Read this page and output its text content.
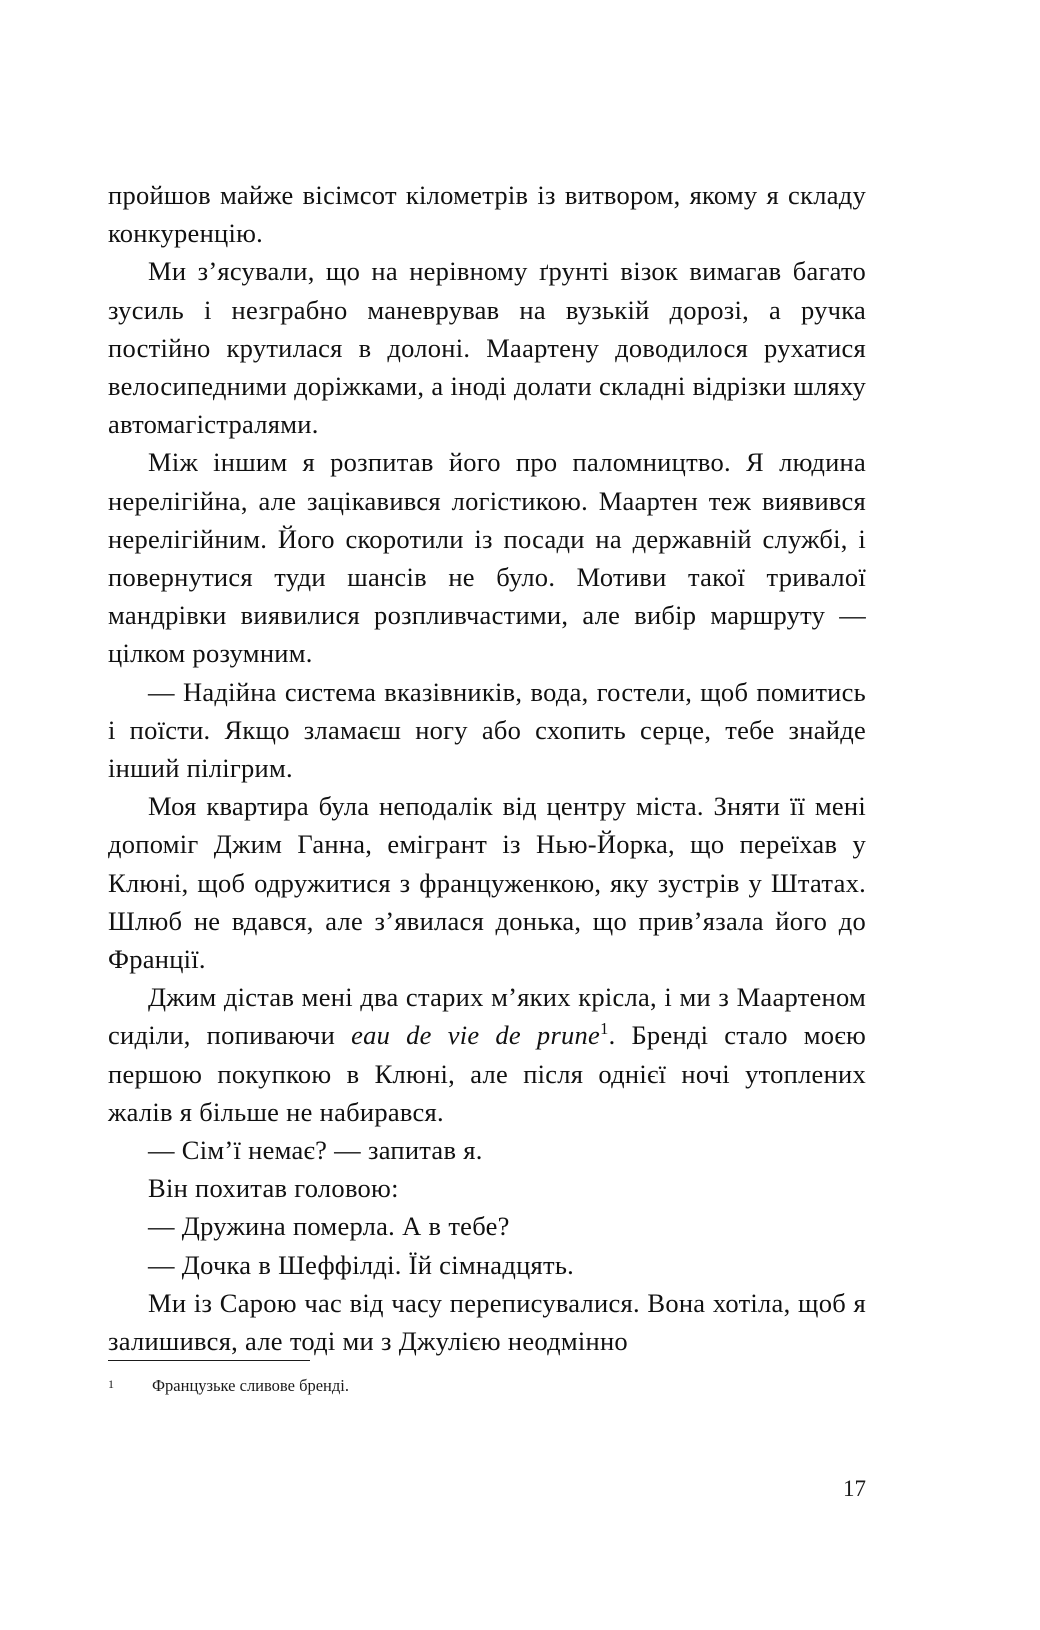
пройшов майже вісімсот кілометрів із витвором, якому я складу конкуренцію.

Ми з’ясували, що на нерівному ґрунті візок вимагав багато зусиль і незграбно маневрував на вузькій дорозі, а ручка постійно крутилася в долоні. Маартену доводилося рухатися велосипедними доріжками, а іноді долати складні відрізки шляху автомагістралями.

Між іншим я розпитав його про паломництво. Я людина нерелігійна, але зацікавився логістикою. Маартен теж виявився нерелігійним. Його скоротили із посади на державній службі, і повернутися туди шансів не було. Мотиви такої тривалої мандрівки виявилися розпливчастими, але вибір маршруту — цілком розумним.

— Надійна система вказівників, вода, гостели, щоб помитись і поїсти. Якщо зламаєш ногу або схопить серце, тебе знайде інший пілігрим.

Моя квартира була неподалік від центру міста. Зняти її мені допоміг Джим Ганна, емігрант із Нью-Йорка, що переїхав у Клюні, щоб одружитися з француженкою, яку зустрів у Штатах. Шлюб не вдався, але з’явилася донька, що прив’язала його до Франції.

Джим дістав мені два старих м’яких крісла, і ми з Маартеном сиділи, попиваючи eau de vie de prune$^1$. Бренді стало моєю першою покупкою в Клюні, але після однієї ночі утоплених жалів я більше не набирався.

— Сім’ї немає? — запитав я.

Він похитав головою:

— Дружина померла. А в тебе?

— Дочка в Шеффілді. Їй сімнадцять.

Ми із Сарою час від часу переписувалися. Вона хотіла, щоб я залишився, але тоді ми з Джулією неодмінно

1 Французьке сливове бренді.
17
